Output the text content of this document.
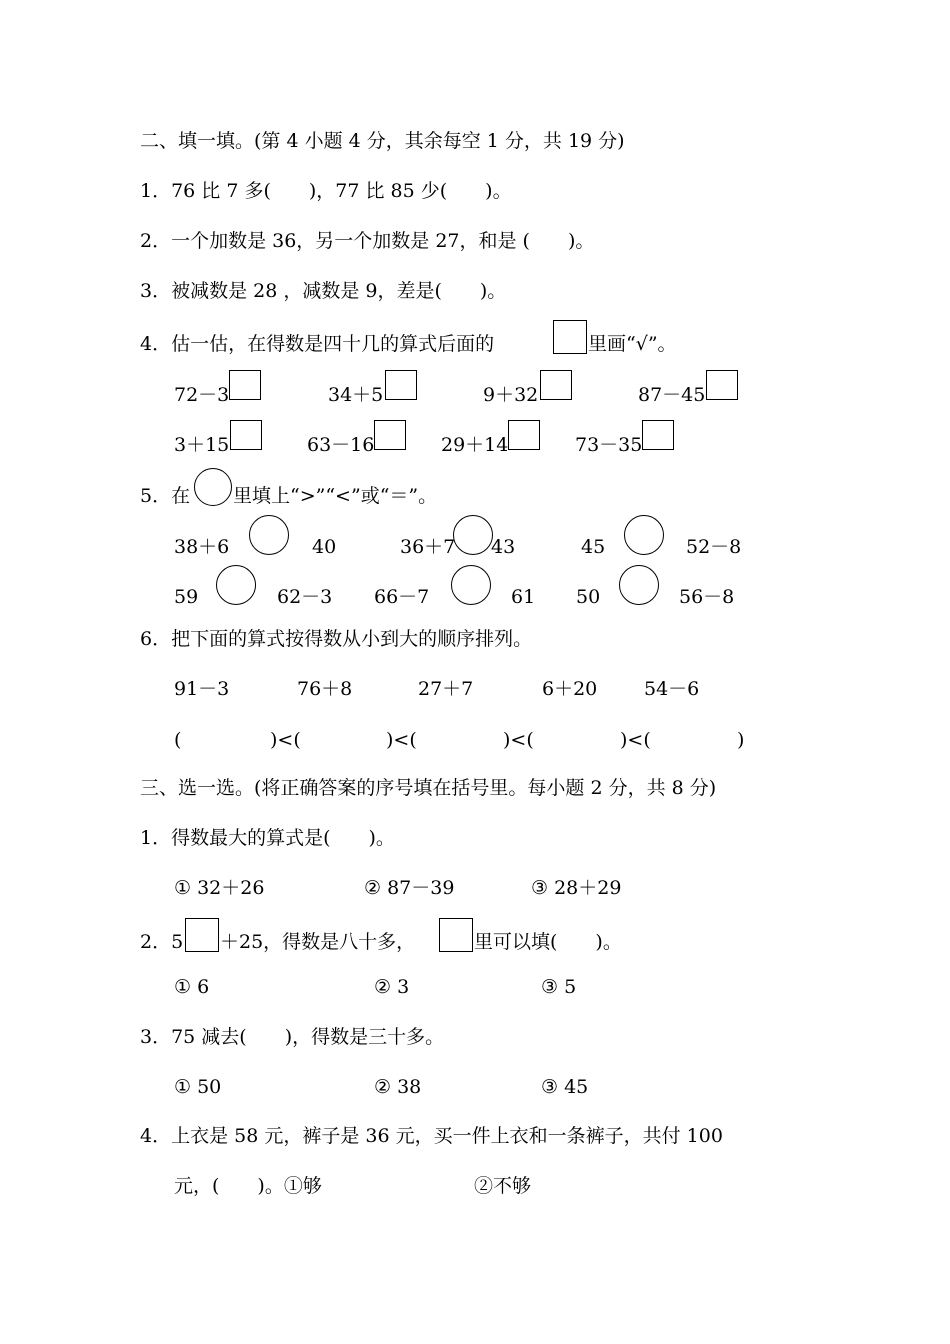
二、填一填。(第 4 小题 4 分，其余每空 1 分，共 19 分)
1．76 比 7 多(　　)，77 比 85 少(　　)。
2．一个加数是 36，另一个加数是 27，和是 (　　)。
3．被减数是 28 ，减数是 9，差是(　　)。
4．估一估，在得数是四十几的算式后面的	里画“√”。
72－3	34＋5	9＋32	87－45
3＋15	63－16	29＋14	73－35
5．在 里填上“>”“<”或“＝”。
38＋6	40	36＋7 43	45	52－8
59	62－3 66－7	61 50	56－8
6．把下面的算式按得数从小到大的顺序排列。
91－3	76＋8	27＋7	6＋20 54－6
(	)<(	)<(	)<(	)<(	)
三、选一选。(将正确答案的序号填在括号里。每小题 2 分，共 8 分)
1．得数最大的算式是(　　)。
① 32＋26	② 87－39	③ 28＋29
2．5 ＋25，得数是八十多，	里可以填(　　)。
① 6	② 3	③ 5
3．75 减去(　　)，得数是三十多。
① 50	② 38	③ 45
4．上衣是 58 元，裤子是 36 元，买一件上衣和一条裤子，共付 100
元，(　　)。①够	②不够
